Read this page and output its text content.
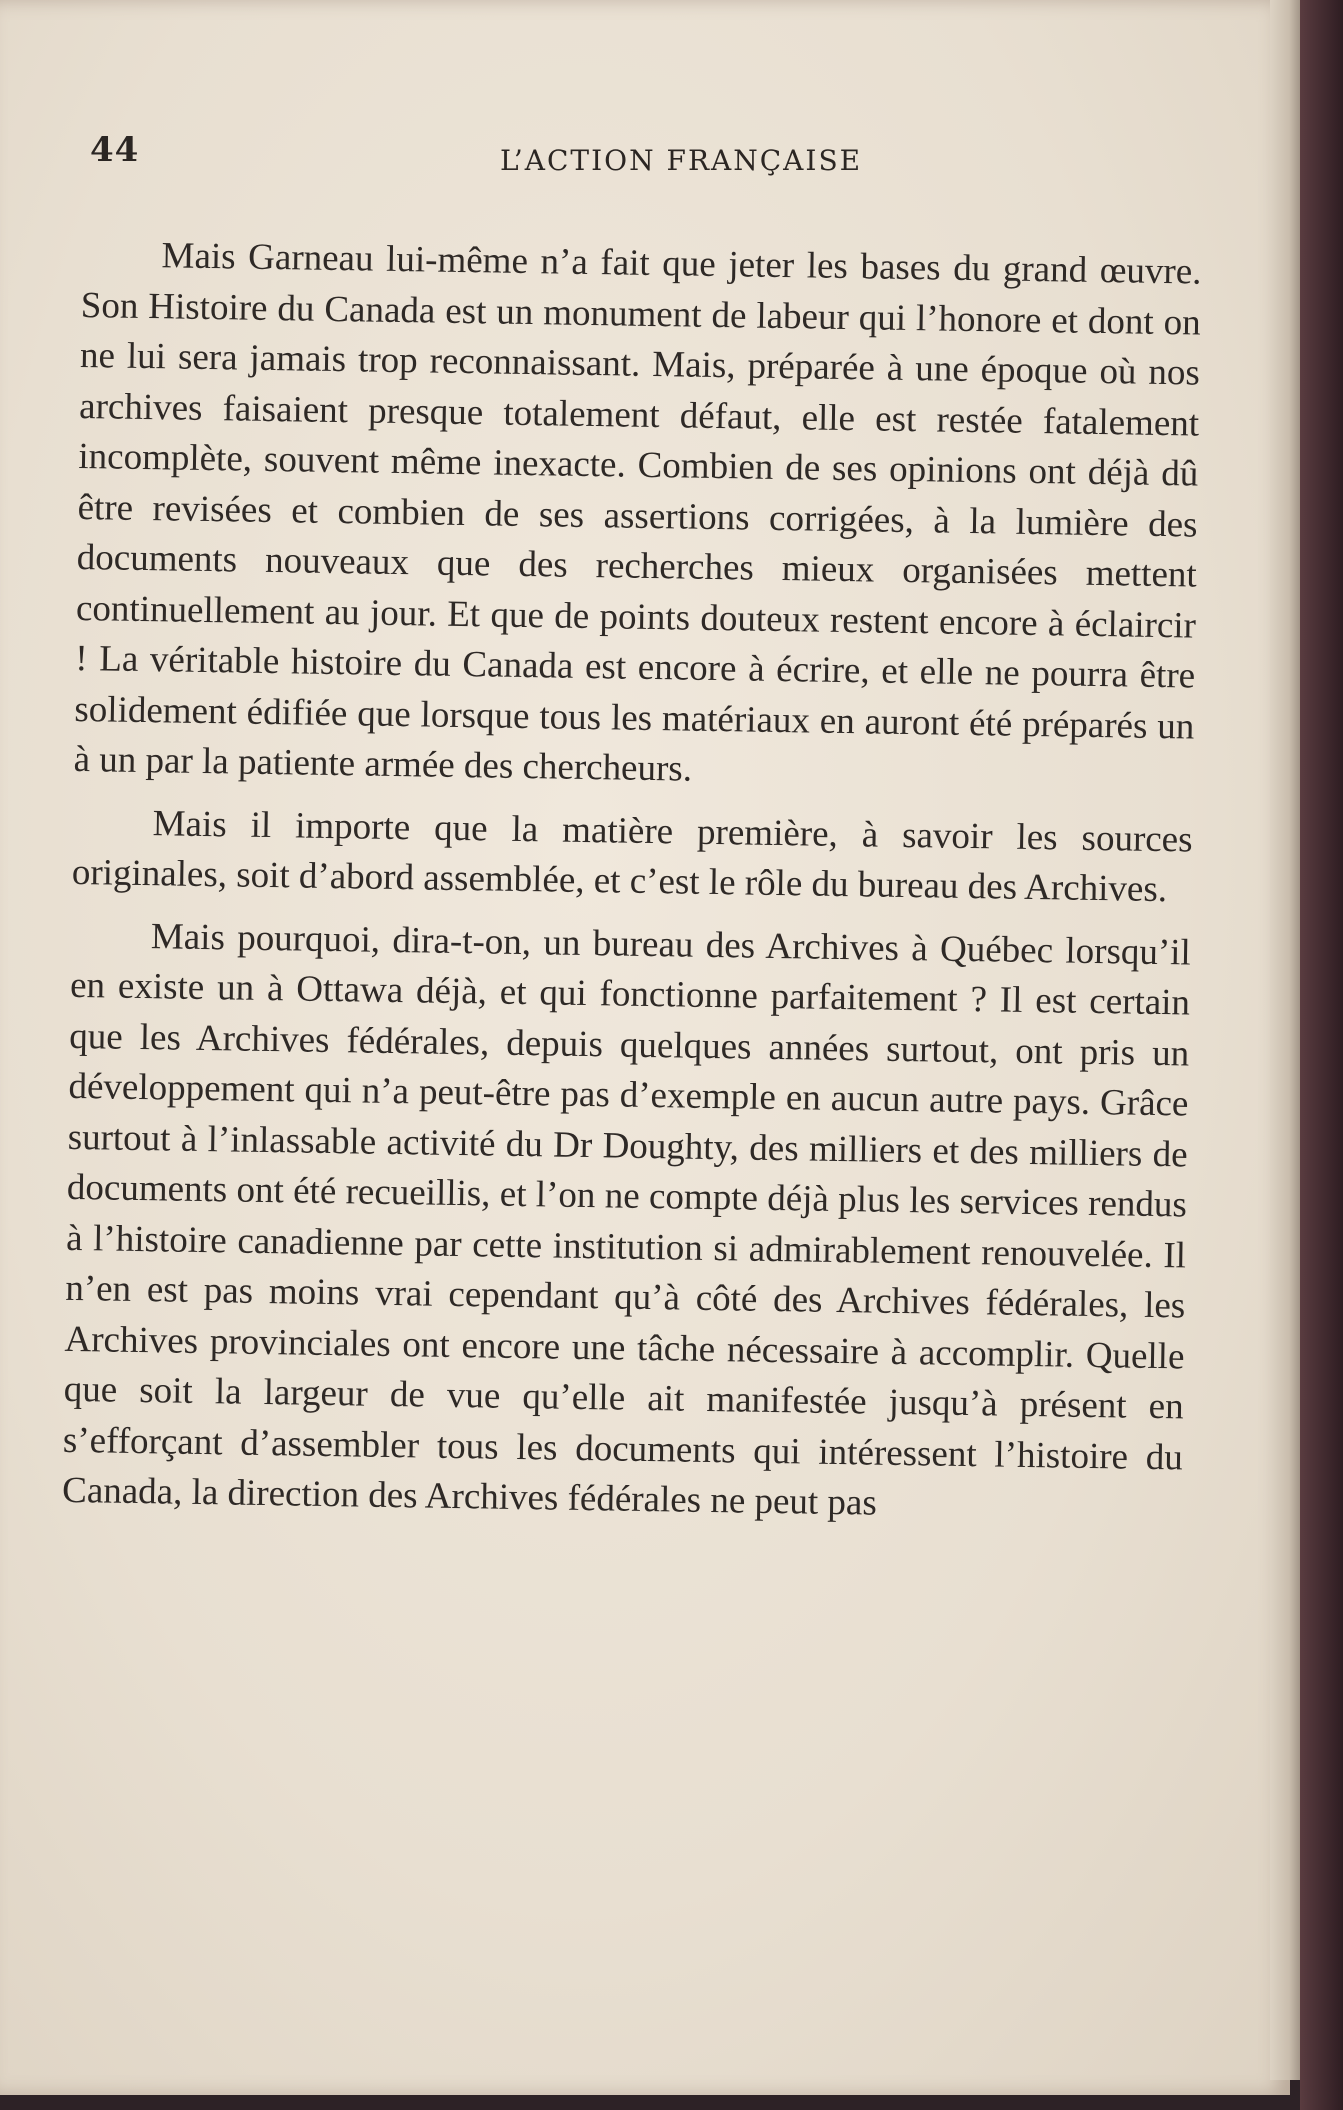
44	L’ACTION FRANÇAISE

Mais Garneau lui-même n’a fait que jeter les bases du grand œuvre. Son Histoire du Canada est un monument de labeur qui l’honore et dont on ne lui sera jamais trop reconnaissant. Mais, préparée à une époque où nos archives faisaient presque totalement défaut, elle est restée fatalement incomplète, souvent même inexacte. Combien de ses opinions ont déjà dû être revisées et combien de ses assertions corrigées, à la lumière des documents nouveaux que des recherches mieux organisées mettent continuellement au jour. Et que de points douteux restent encore à éclaircir ! La véritable histoire du Canada est encore à écrire, et elle ne pourra être solidement édifiée que lorsque tous les matériaux en auront été préparés un à un par la patiente armée des chercheurs.

Mais il importe que la matière première, à savoir les sources originales, soit d’abord assemblée, et c’est le rôle du bureau des Archives.

Mais pourquoi, dira-t-on, un bureau des Archives à Québec lorsqu’il en existe un à Ottawa déjà, et qui fonctionne parfaitement ? Il est certain que les Archives fédérales, depuis quelques années surtout, ont pris un développement qui n’a peut-être pas d’exemple en aucun autre pays. Grâce surtout à l’inlassable activité du Dr Doughty, des milliers et des milliers de documents ont été recueillis, et l’on ne compte déjà plus les services rendus à l’histoire canadienne par cette institution si admirablement renouvelée. Il n’en est pas moins vrai cependant qu’à côté des Archives fédérales, les Archives provinciales ont encore une tâche nécessaire à accomplir. Quelle que soit la largeur de vue qu’elle ait manifestée jusqu’à présent en s’efforçant d’assembler tous les documents qui intéressent l’histoire du Canada, la direction des Archives fédérales ne peut pas
